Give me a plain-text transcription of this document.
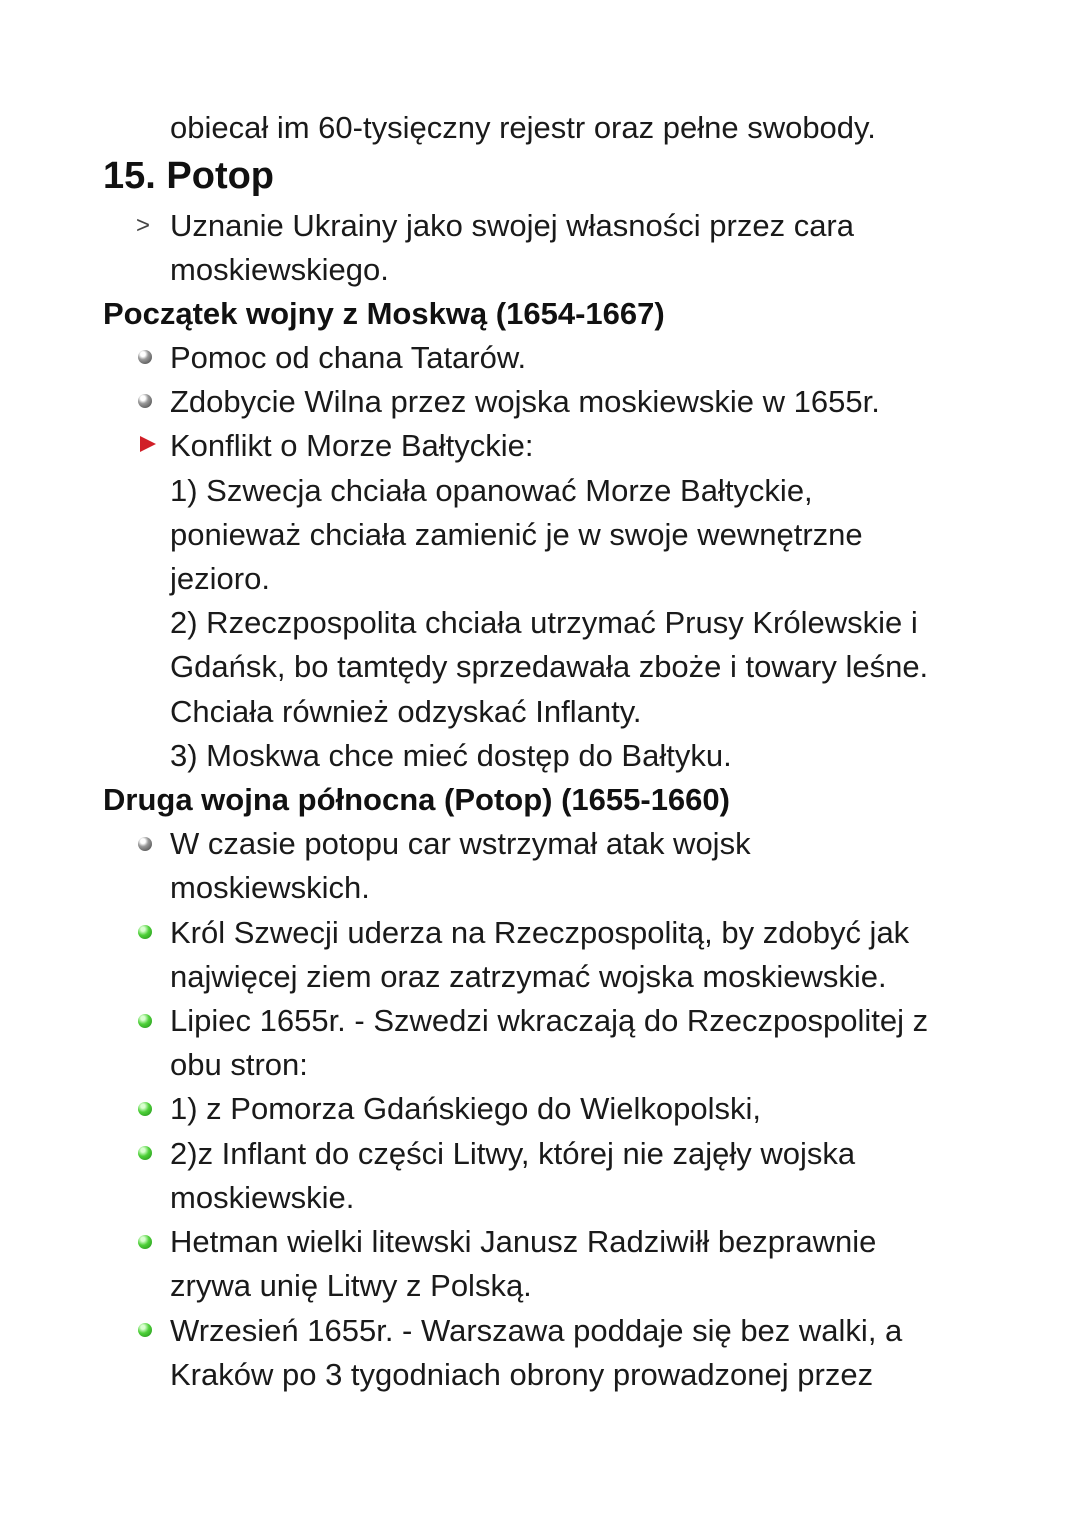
obiecał im 60-tysięczny rejestr oraz pełne swobody.
15. Potop
> Uznanie Ukrainy jako swojej własności przez cara
moskiewskiego.
Początek wojny z Moskwą (1654-1667)
Pomoc od chana Tatarów.
Zdobycie Wilna przez wojska moskiewskie w 1655r.
Konflikt o Morze Bałtyckie:
1) Szwecja chciała opanować Morze Bałtyckie,
ponieważ chciała zamienić je w swoje wewnętrzne
jezioro.
2) Rzeczpospolita chciała utrzymać Prusy Królewskie i
Gdańsk, bo tamtędy sprzedawała zboże i towary leśne.
Chciała również odzyskać Inflanty.
3) Moskwa chce mieć dostęp do Bałtyku.
Druga wojna północna (Potop) (1655-1660)
W czasie potopu car wstrzymał atak wojsk
moskiewskich.
Król Szwecji uderza na Rzeczpospolitą, by zdobyć jak
najwięcej ziem oraz zatrzymać wojska moskiewskie.
Lipiec 1655r. - Szwedzi wkraczają do Rzeczpospolitej z
obu stron:
1) z Pomorza Gdańskiego do Wielkopolski,
2)z Inflant do części Litwy, której nie zajęły wojska
moskiewskie.
Hetman wielki litewski Janusz Radziwiłł bezprawnie
zrywa unię Litwy z Polską.
Wrzesień 1655r. - Warszawa poddaje się bez walki, a
Kraków po 3 tygodniach obrony prowadzonej przez
